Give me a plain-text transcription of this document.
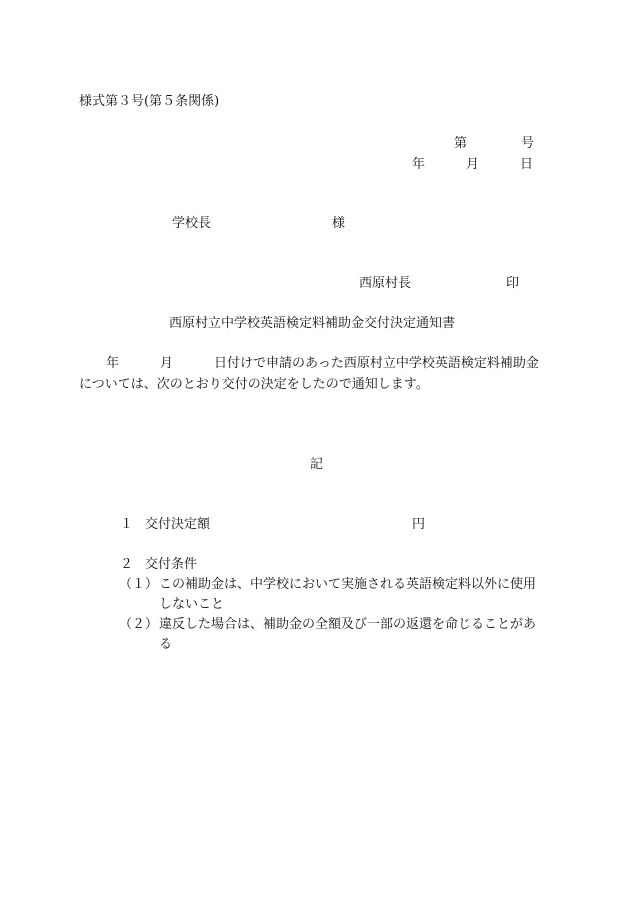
様式第３号(第５条関係)
第	号
年	月	日
学校長	様
西原村長	印
西原村立中学校英語検定料補助金交付決定通知書
年	月	日付けで申請のあった西原村立中学校英語検定料補助金
については、次のとおり交付の決定をしたので通知します。
記
１ 交付決定額	円
２ 交付条件
（１） この補助金は、中学校において実施される英語検定料以外に使用
しないこと
（２） 違反した場合は、補助金の全額及び一部の返還を命じることがあ
る
